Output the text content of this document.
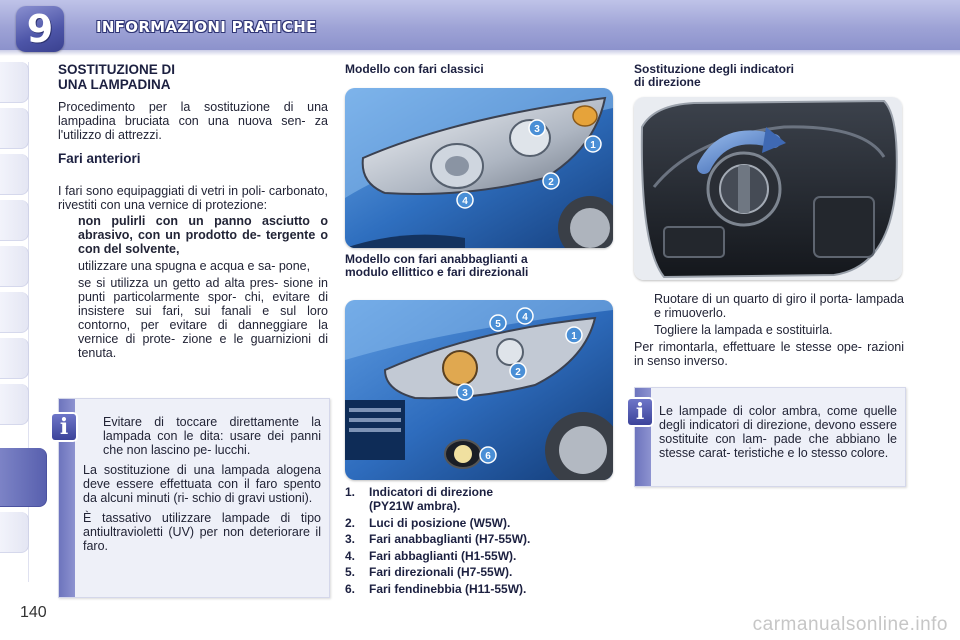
9	INFORMAZIONI PRATICHE
SOSTITUZIONE DI
UNA LAMPADINA

Procedimento per la sostituzione di una lampadina bruciata con una nuova sen- za l'utilizzo di attrezzi.

Fari anteriori

I fari sono equipaggiati di vetri in poli- carbonato, rivestiti con una vernice di protezione:

non pulirli con un panno asciutto o abrasivo, con un prodotto de- tergente o con del solvente,
utilizzare una spugna e acqua e sa- pone,
se si utilizza un getto ad alta pres- sione in punti particolarmente spor- chi, evitare di insistere sui fari, sui fanali e sul loro contorno, per evitare di danneggiare la vernice di prote- zione e le guarnizioni di tenuta.
Evitare di toccare direttamente la lampada con le dita: usare dei panni che non lascino pe- lucchi.

La sostituzione di una lampada alogena deve essere effettuata con il faro spento da alcuni minuti (ri- schio di gravi ustioni).

È tassativo utilizzare lampade di tipo antiultravioletti (UV) per non deteriorare il faro.

i
Modello con fari classici
3
1
2
4
Modello con fari anabbaglianti a
modulo ellittico e fari direzionali
5
4
1
2
3
6
1. Indicatori di direzione
(PY21W ambra).
2. Luci di posizione (W5W).
3. Fari anabbaglianti (H7-55W).
4. Fari abbaglianti (H1-55W).
5. Fari direzionali (H7-55W).
6. Fari fendinebbia (H11-55W).
Sostituzione degli indicatori
di direzione
Ruotare di un quarto di giro il porta- lampada e rimuoverlo.
Togliere la lampada e sostituirla.

Per rimontarla, effettuare le stesse ope- razioni in senso inverso.

Le lampade di color ambra, come quelle degli indicatori di direzione, devono essere sostituite con lam- pade che abbiano le stesse carat- teristiche e lo stesso colore.

i
140
carmanualsonline.info
